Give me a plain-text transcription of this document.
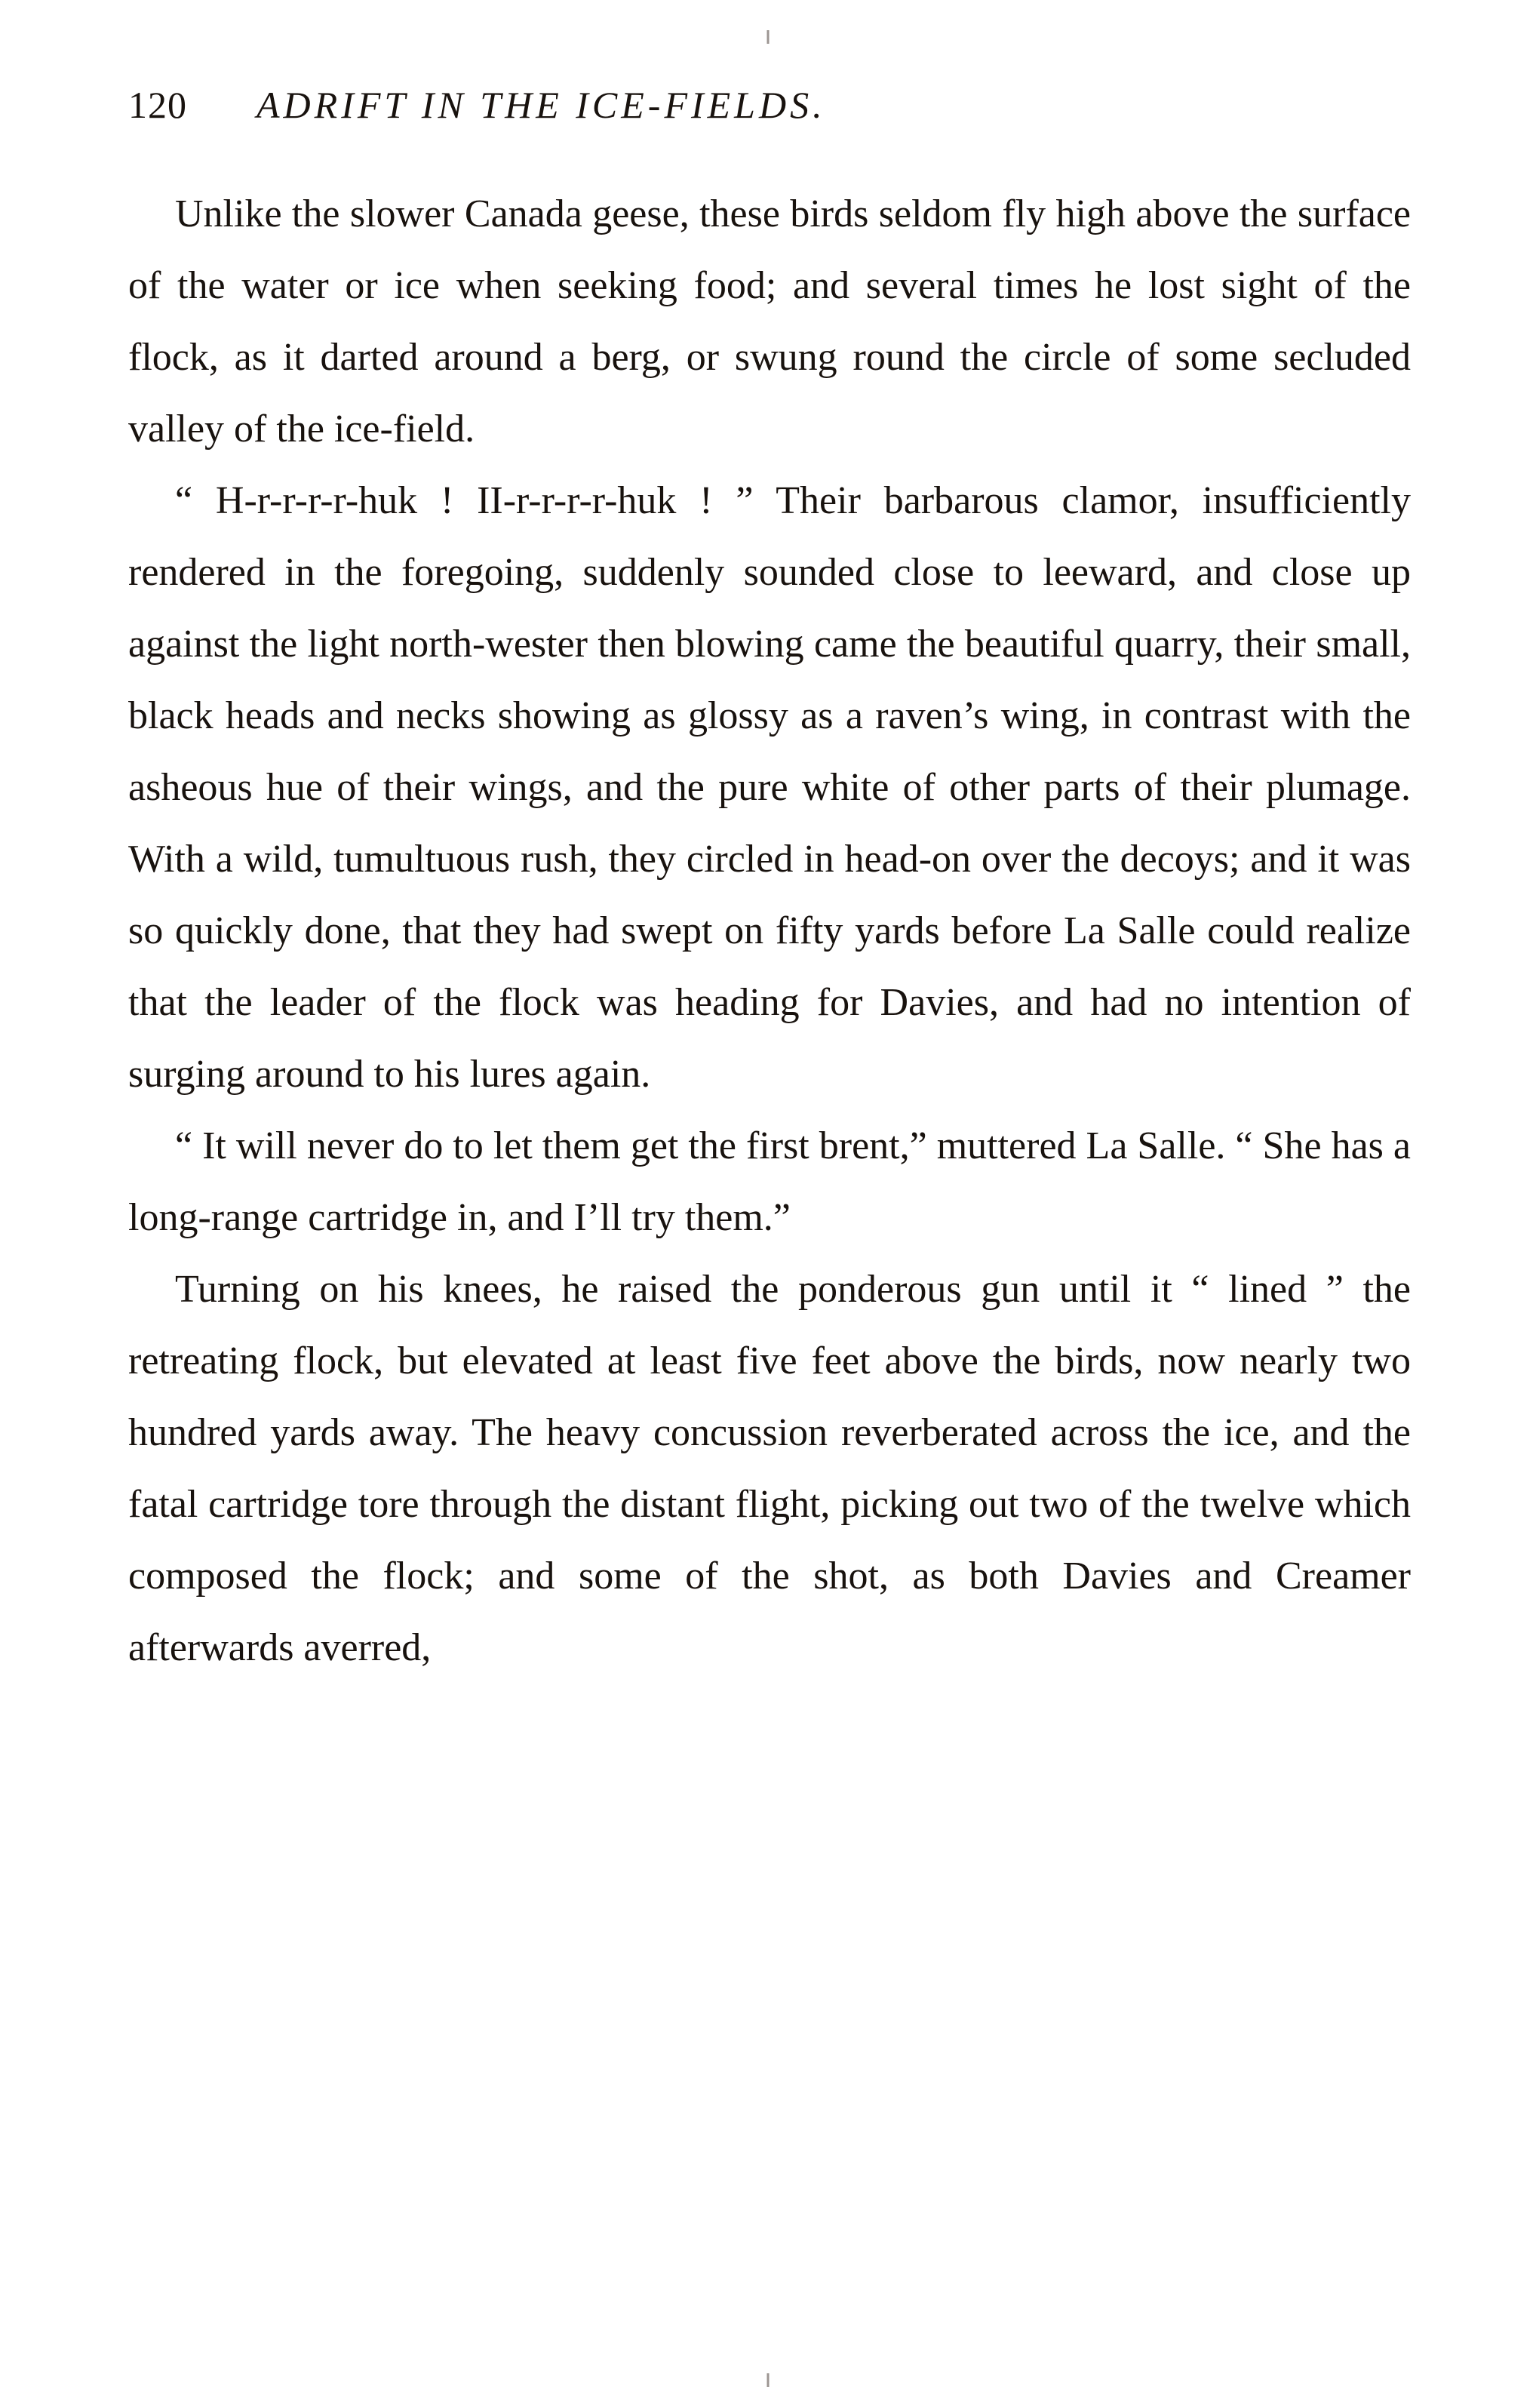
120	ADRIFT IN THE ICE-FIELDS.

Unlike the slower Canada geese, these birds seldom fly high above the surface of the water or ice when seeking food; and several times he lost sight of the flock, as it darted around a berg, or swung round the circle of some secluded valley of the ice-field.

“ H-r-r-r-r-huk ! II-r-r-r-r-huk ! ” Their barbarous clamor, insufficiently rendered in the foregoing, suddenly sounded close to leeward, and close up against the light north-wester then blowing came the beautiful quarry, their small, black heads and necks showing as glossy as a raven’s wing, in contrast with the asheous hue of their wings, and the pure white of other parts of their plumage. With a wild, tumultuous rush, they circled in head-on over the decoys; and it was so quickly done, that they had swept on fifty yards before La Salle could realize that the leader of the flock was heading for Davies, and had no intention of surging around to his lures again.

“ It will never do to let them get the first brent,” muttered La Salle. “ She has a long-range cartridge in, and I’ll try them.”

Turning on his knees, he raised the ponderous gun until it “ lined ” the retreating flock, but elevated at least five feet above the birds, now nearly two hundred yards away. The heavy concussion reverberated across the ice, and the fatal cartridge tore through the distant flight, picking out two of the twelve which composed the flock; and some of the shot, as both Davies and Creamer afterwards averred,
